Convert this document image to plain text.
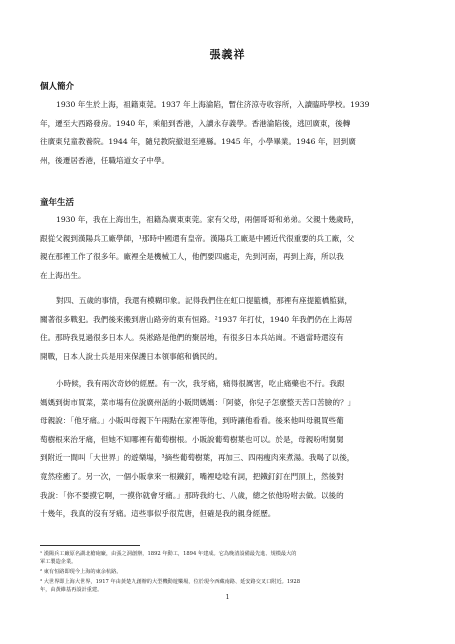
張義祥
個人簡介

1930 年生於上海，祖籍東莞。1937 年上海淪陷，暫住济涼寺收容所，入讀臨時學校。1939
年，遷至大西路發房。1940 年，乘船到香港，入讀永存義學。香港淪陷後，逃回廣東，後轉
往廣東兒童教養院。1944 年，隨兒教院撤退至連縣。1945 年，小學畢業。1946 年，回到廣
州，後遷居香港，任職培道女子中學。

童年生活

1930 年，我在上海出生，祖籍為廣東東莞。家有父母，兩個哥哥和弟弟。父親十幾歲時，
跟從父親到漢陽兵工廠學師，¹那時中國還有皇帝。漢陽兵工廠是中國近代很重要的兵工廠，父
親在那裡工作了很多年。廠裡全是機械工人，他們要四處走，先到河南，再到上海，所以我
在上海出生。

對四、五歲的事情，我還有模糊印象。記得我們住在虹口提籃橋，那裡有座提籃橋監獄，
關著很多戰犯。我們後來搬到唐山路旁的東有恒路。²1937 年打仗，1940 年我們仍在上海居
住。那時我見過很多日本人。吳淞路是他們的聚居地，有很多日本兵站崗。不過當時還沒有
開戰，日本人說士兵是用來保護日本領事館和僑民的。

小時候，我有兩次奇妙的經歷。有一次，我牙痛，痛得很厲害，吃止痛藥也不行。我跟
媽媽到街市買菜，菜市場有位說廣州話的小販問媽媽：「阿婆，你兒子怎麼整天苦口苦臉的？」
母親說：「他牙痛。」小販叫母親下午兩點在家裡等他，到時讓他看看。後來他叫母親買些葡
萄樹根來治牙痛，但她不知哪裡有葡萄樹根。小販說葡萄樹葉也可以。於是，母親吩咐舅舅
到附近一間叫「大世界」的遊樂場，³摘些葡萄樹葉，再加三、四兩瘦肉來煮湯。我喝了以後，
竟然痊癒了。另一次，一個小販拿來一根鐵釘，嘴裡唸唸有詞，把鐵釘釘在門頂上，然後對
我說：「你不要摸它啊，一摸你就會牙痛。」那時我約七、八歲，總之依他吩咐去做。以後的
十幾年，我真的沒有牙痛。這些事似乎很荒唐，但確是我的親身經歷。

¹ 漢陽兵工廠原名湖北槍砲廠，由張之洞創辦，1892 年動工，1894 年建成。它為晚清設備最先進、規模最大的
軍工製造企業。
² 東有恒路即現今上海的東余杭路。
³ 大世界即上海大世界，1917 年由黃楚九創辦的大型機動遊樂場，位於現今西藏南路、延安路交叉口附近。1928
年，由黃維基再設計重建。
1
